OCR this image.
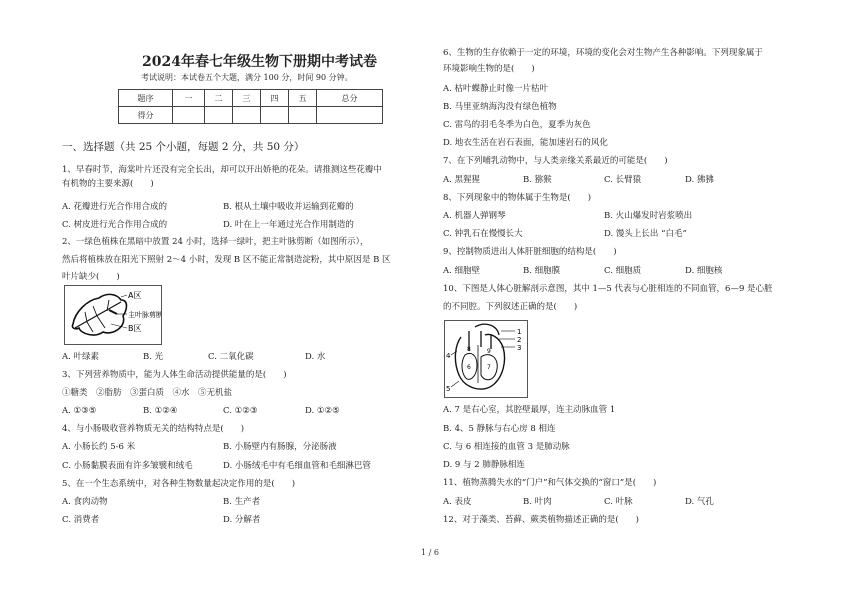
2024年春七年级生物下册期中考试卷
考试说明：本试卷五个大题，满分 100 分，时间 90 分钟。
题序	一	二	三	四	五	总分
得分						
一、选择题（共 25 个小题，每题 2 分，共 50 分）
1、早春时节，海棠叶片还没有完全长出，却可以开出娇艳的花朵。请推测这些花瓣中
有机物的主要来源(　　)
A. 花瓣进行光合作用合成的	B. 根从土壤中吸收并运输到花瓣的
C. 树皮进行光合作用合成的	D. 叶在上一年通过光合作用制造的
2、一绿色植株在黑暗中放置 24 小时，选择一绿叶，把主叶脉剪断（如图所示），
然后将植株放在阳光下照射 2～4 小时，发现 B 区不能正常制造淀粉，其中原因是 B 区
叶片缺少(　　)
A区
主叶脉剪断
B区
A. 叶绿素	B. 光	C. 二氧化碳	D. 水
3、下列营养物质中，能为人体生命活动提供能量的是(　　)
①糖类　②脂肪　③蛋白质　④水　⑤无机盐
A. ①③⑤	B. ①②④	C. ①②③	D. ①②⑤
4、与小肠吸收营养物质无关的结构特点是(　　)
A. 小肠长约 5-6 米	B. 小肠壁内有肠腺，分泌肠液
C. 小肠黏膜表面有许多皱襞和绒毛	D. 小肠绒毛中有毛细血管和毛细淋巴管
5、在一个生态系统中，对各种生物数量起决定作用的是(　　)
A. 食肉动物	B. 生产者
C. 消费者	D. 分解者
6、生物的生存依赖于一定的环境，环境的变化会对生物产生各种影响。下列现象属于
环境影响生物的是(　　)
A. 枯叶蝶静止时像一片枯叶
B. 马里亚纳海沟没有绿色植物
C. 雷鸟的羽毛冬季为白色，夏季为灰色
D. 地衣生活在岩石表面，能加速岩石的风化
7、在下列哺乳动物中，与人类亲缘关系最近的可能是(　　)
A. 黑猩猩	B. 猕猴	C. 长臂猿	D. 狒狒
8、下列现象中的物体属于生物是(　　)
A. 机器人弹钢琴	B. 火山爆发时岩浆喷出
C. 钟乳石在慢慢长大	D. 馒头上长出 “白毛”
9、控制物质进出人体肝脏细胞的结构是(　　)
A. 细胞壁	B. 细胞膜	C. 细胞质	D. 细胞核
10、下图是人体心脏解剖示意图，其中 1—5 代表与心脏相连的不同血管，6—9 是心脏
的不同腔。下列叙述正确的是(　　)
1
2
3
4
5
6	7
8	9
A. 7 是右心室，其腔壁最厚，连主动脉血管 1
B. 4、5 静脉与右心房 8 相连
C. 与 6 相连接的血管 3 是肺动脉
D. 9 与 2 肺静脉相连
11、植物蒸腾失水的“门户”和气体交换的“窗口”是(　　)
A. 表皮	B. 叶肉	C. 叶脉	D. 气孔
12、对于藻类、苔藓、蕨类植物描述正确的是(　　)
1 / 6
